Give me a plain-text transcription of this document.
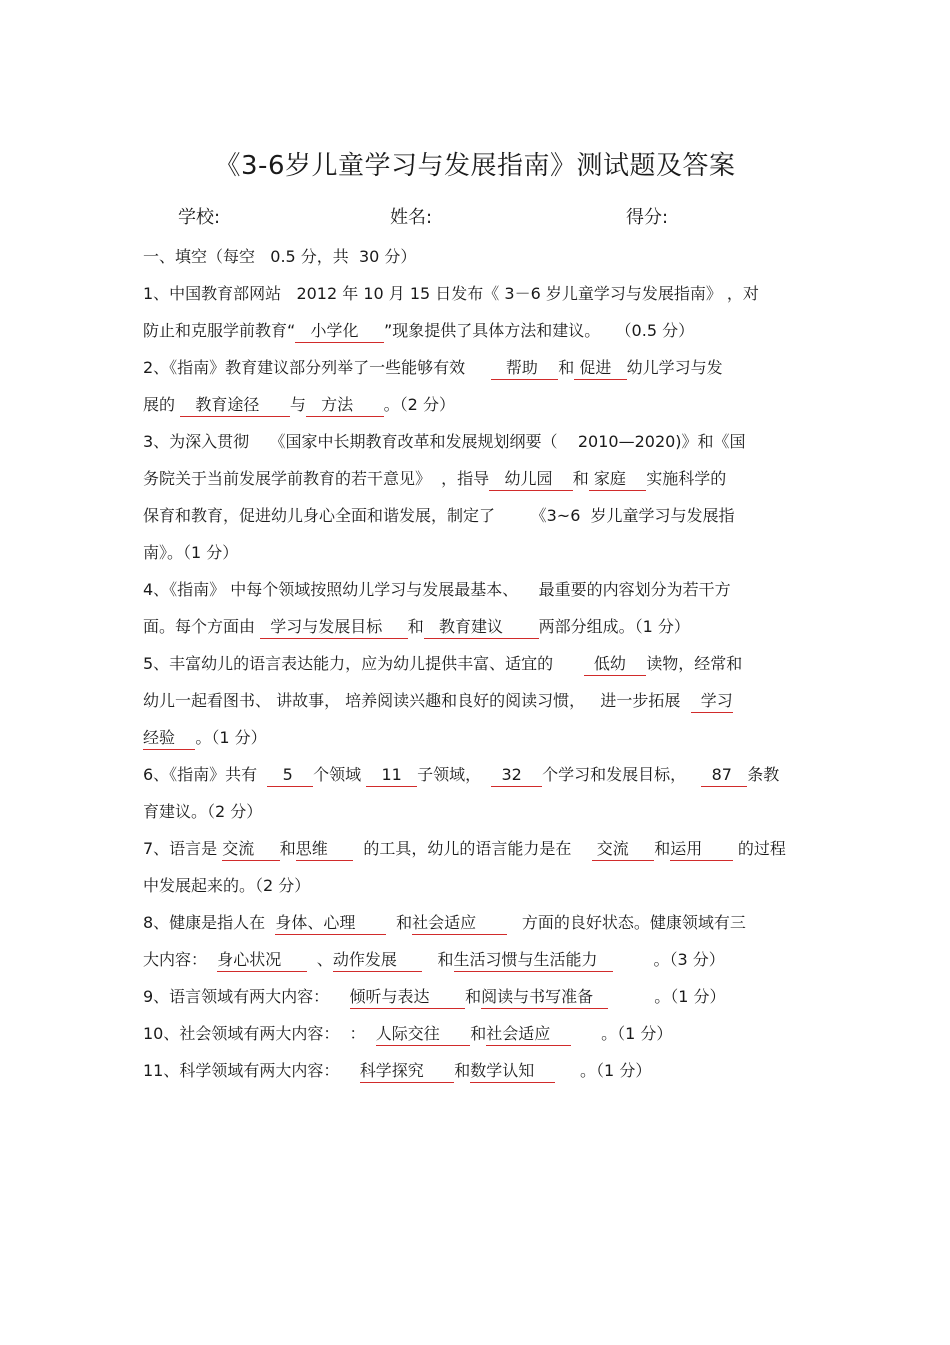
《3-6岁儿童学习与发展指南》测试题及答案
学校:	姓名:	得分:
一、填空（每空   0.5 分，共  30 分）
1、中国教育部网站   2012 年 10 月 15 日发布《 3－6 岁儿童学习与发展指南》 ，对
防止和克服学前教育“   小学化     ”现象提供了具体方法和建议。   （0.5 分）
2、《指南》教育建议部分列举了一些能够有效        帮助    和 促进   幼儿学习与发
展的    教育途径      与   方法      。（2 分）
3、为深入贯彻    《国家中长期教育改革和发展规划纲要（    2010—2020)》和《国
务院关于当前发展学前教育的若干意见》  ，指导   幼儿园    和 家庭    实施科学的
保育和教育，促进幼儿身心全面和谐发展，制定了       《3~6  岁儿童学习与发展指
南》。（1 分）
4、《指南》 中每个领域按照幼儿学习与发展最基本、    最重要的内容划分为若干方
面。每个方面由   学习与发展目标     和   教育建议       两部分组成。（1 分）
5、丰富幼儿的语言表达能力，应为幼儿提供丰富、适宜的        低幼    读物，经常和
幼儿一起看图书、 讲故事， 培养阅读兴趣和良好的阅读习惯，   进一步拓展    学习
经验    。（1 分）
6、《指南》共有     5    个领域    11   子领域，    32    个学习和发展目标，     87   条教
育建议。（2 分）
7、语言是 交流     和思维       的工具，幼儿的语言能力是在     交流     和运用       的过程
中发展起来的。（2 分）
8、健康是指人在  身体、心理        和社会适应         方面的良好状态。健康领域有三
大内容：  身心状况       、动作发展        和生活习惯与生活能力           。（3 分）
9、语言领域有两大内容：    倾听与表达       和阅读与书写准备            。（1 分）
10、社会领域有两大内容：  ：  人际交往      和社会适应          。（1 分）
11、科学领域有两大内容：    科学探究      和数学认知         。（1 分）
